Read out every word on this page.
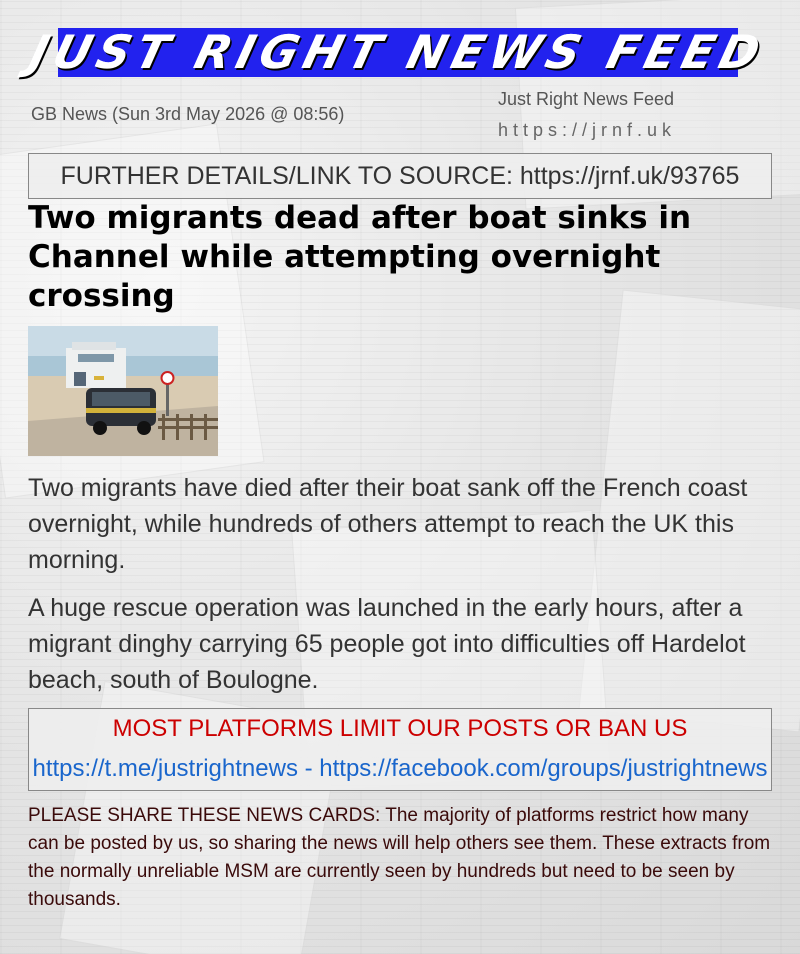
JUST RIGHT NEWS FEED
GB News (Sun 3rd May 2026 @ 08:56)
Just Right News Feed
https://jrnf.uk
FURTHER DETAILS/LINK TO SOURCE: https://jrnf.uk/93765
Two migrants dead after boat sinks in Channel while attempting overnight crossing

Two migrants have died after their boat sank off the French coast overnight, while hundreds of others attempt to reach the UK this morning.

A huge rescue operation was launched in the early hours, after a migrant dinghy carrying 65 people got into difficulties off Hardelot beach, south of Boulogne.

MOST PLATFORMS LIMIT OUR POSTS OR BAN US
https://t.me/justrightnews - https://facebook.com/groups/justrightnews

PLEASE SHARE THESE NEWS CARDS: The majority of platforms restrict how many can be posted by us, so sharing the news will help others see them. These extracts from the normally unreliable MSM are currently seen by hundreds but need to be seen by thousands.
